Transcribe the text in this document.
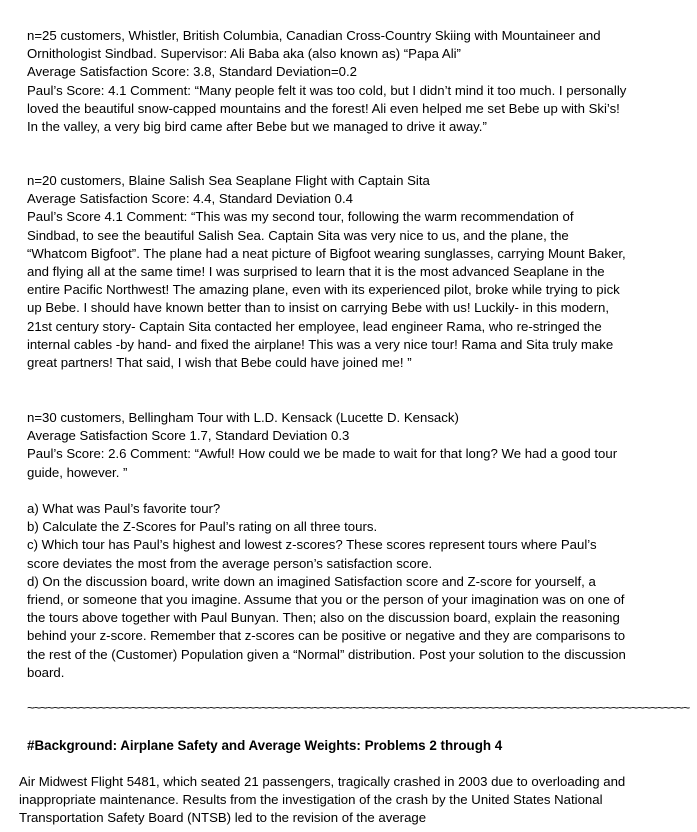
n=25 customers, Whistler, British Columbia, Canadian Cross-Country Skiing with Mountaineer and Ornithologist Sindbad. Supervisor: Ali Baba aka (also known as) “Papa Ali”

Average Satisfaction Score: 3.8, Standard Deviation=0.2

Paul’s Score: 4.1 Comment: “Many people felt it was too cold, but I didn’t mind it too much. I personally loved the beautiful snow-capped mountains and the forest! Ali even helped me set Bebe up with Ski’s! In the valley, a very big bird came after Bebe but we managed to drive it away.”

n=20 customers, Blaine Salish Sea Seaplane Flight with Captain Sita

Average Satisfaction Score: 4.4, Standard Deviation 0.4

Paul’s Score 4.1 Comment: “This was my second tour, following the warm recommendation of Sindbad, to see the beautiful Salish Sea. Captain Sita was very nice to us, and the plane, the “Whatcom Bigfoot”. The plane had a neat picture of Bigfoot wearing sunglasses, carrying Mount Baker, and flying all at the same time! I was surprised to learn that it is the most advanced Seaplane in the entire Pacific Northwest! The amazing plane, even with its experienced pilot, broke while trying to pick up Bebe. I should have known better than to insist on carrying Bebe with us! Luckily- in this modern, 21st century story- Captain Sita contacted her employee, lead engineer Rama, who re-stringed the internal cables -by hand- and fixed the airplane! This was a very nice tour! Rama and Sita truly make great partners! That said, I wish that Bebe could have joined me! ”

n=30 customers, Bellingham Tour with L.D. Kensack (Lucette D. Kensack)

Average Satisfaction Score 1.7, Standard Deviation 0.3

Paul’s Score: 2.6 Comment: “Awful! How could we be made to wait for that long? We had a good tour guide, however. ”

a) What was Paul’s favorite tour?

b) Calculate the Z-Scores for Paul’s rating on all three tours.

c) Which tour has Paul’s highest and lowest z-scores? These scores represent tours where Paul’s score deviates the most from the average person’s satisfaction score.

d) On the discussion board, write down an imagined Satisfaction score and Z-score for yourself, a friend, or someone that you imagine. Assume that you or the person of your imagination was on one of the tours above together with Paul Bunyan. Then; also on the discussion board, explain the reasoning behind your z-score. Remember that z-scores can be positive or negative and they are comparisons to the rest of the (Customer) Population given a “Normal” distribution. Post your solution to the discussion board.

~~~~~~~~~~~~~~~~~~~~~~~~~~~~~~~~~~~~~~~~~~~~~~~~~~~~~~~~~~~~~~~~~~~~~~~~~~~~~~~~~~~~~~~~~~~~~~~~~~~~~~
#Background: Airplane Safety and Average Weights: Problems 2 through 4
Air Midwest Flight 5481, which seated 21 passengers, tragically crashed in 2003 due to overloading and inappropriate maintenance. Results from the investigation of the crash by the United States National Transportation Safety Board (NTSB) led to the revision of the average
